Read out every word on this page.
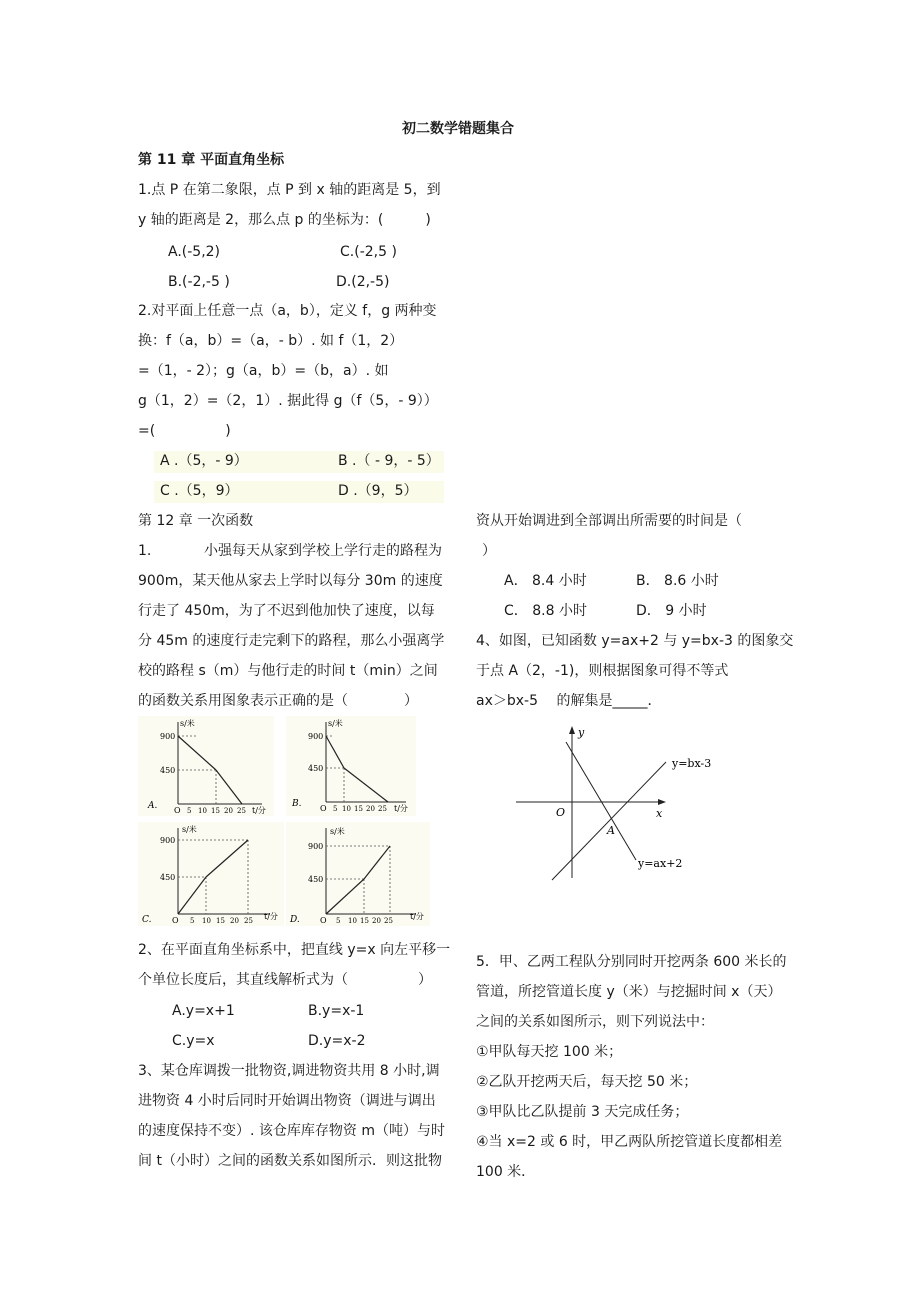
初二数学错题集合
第 11 章 平面直角坐标
1.点 P 在第二象限，点 P 到 x 轴的距离是 5，到
y 轴的距离是 2，那么点 p 的坐标为：(　　　)
A.(-5,2)	C.(-2,5 )
B.(-2,-5 )	D.(2,-5)
2.对平面上任意一点（a，b），定义 f，g 两种变
换：f（a，b）=（a，- b）. 如 f（1，2）
=（1，- 2）；g（a，b）=（b，a）. 如
g（1，2）=（2，1）. 据此得 g（f（5，- 9））
=(　　　　　)
A .（5，- 9）	B .（ - 9，- 5）
C .（5，9）	D .（9，5）
第 12 章 一次函数
1.	小强每天从家到学校上学行走的路程为
900m，某天他从家去上学时以每分 30m 的速度
行走了 450m，为了不迟到他加快了速度，以每
分 45m 的速度行走完剩下的路程，那么小强离学
校的路程 s（m）与他行走的时间 t（min）之间
的函数关系用图象表示正确的是（　　　　）
s/米
900
450
O 5 10 15 20 25 t/分
A.
s/米
900
450
O 5 10 15 20 25 t/分
B.
s/米
900
450
O 5 10 15 20 25 t/分
C.
s/米
900
450
O 5 10 15 20 25 t/分
D.
2、在平面直角坐标系中，把直线 y=x 向左平移一
个单位长度后，其直线解析式为（　　　　　）
A.y=x+1	B.y=x-1
C.y=x	D.y=x-2
3、某仓库调拨一批物资,调进物资共用 8 小时,调
进物资 4 小时后同时开始调出物资（调进与调出
的速度保持不变）. 该仓库库存物资 m（吨）与时
间 t（小时）之间的函数关系如图所示．则这批物
资从开始调进到全部调出所需要的时间是（
）
A． 8.4 小时	B． 8.6 小时
C． 8.8 小时	D． 9 小时
4、如图，已知函数 y=ax+2 与 y=bx-3 的图象交
于点 A（2，-1)，则根据图象可得不等式
ax＞bx-5　 的解集是_____．
y
x
O
A
y=bx-3
y=ax+2
5．甲、乙两工程队分别同时开挖两条 600 米长的
管道，所挖管道长度 y（米）与挖掘时间 x（天）
之间的关系如图所示，则下列说法中：
①甲队每天挖 100 米；
②乙队开挖两天后，每天挖 50 米；
③甲队比乙队提前 3 天完成任务；
④当 x=2 或 6 时，甲乙两队所挖管道长度都相差
100 米．
